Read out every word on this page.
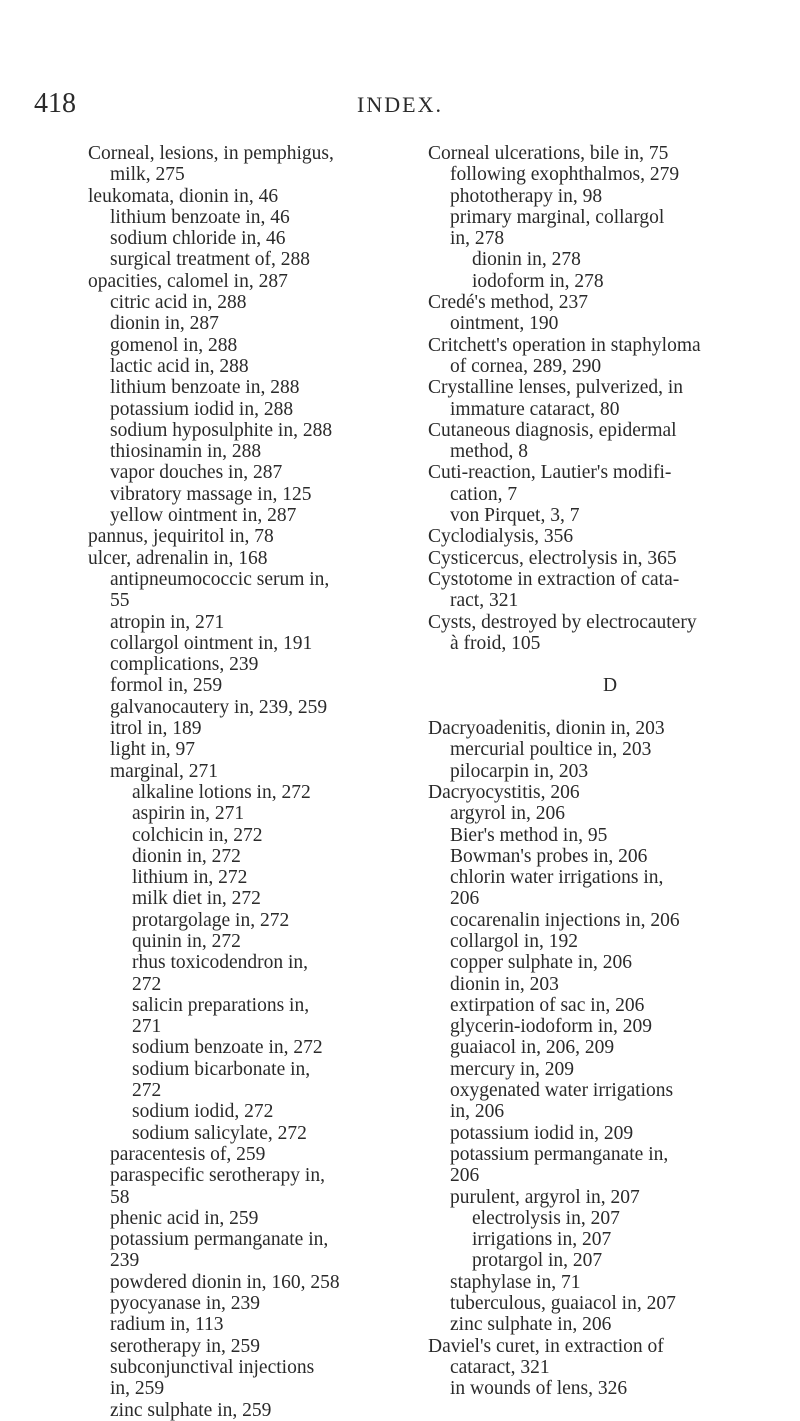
418	INDEX.
Corneal, lesions, in pemphigus,
milk, 275
leukomata, dionin in, 46
lithium benzoate in, 46
sodium chloride in, 46
surgical treatment of, 288
opacities, calomel in, 287
citric acid in, 288
dionin in, 287
gomenol in, 288
lactic acid in, 288
lithium benzoate in, 288
potassium iodid in, 288
sodium hyposulphite in, 288
thiosinamin in, 288
vapor douches in, 287
vibratory massage in, 125
yellow ointment in, 287
pannus, jequiritol in, 78
ulcer, adrenalin in, 168
antipneumococcic serum in,
55
atropin in, 271
collargol ointment in, 191
complications, 239
formol in, 259
galvanocautery in, 239, 259
itrol in, 189
light in, 97
marginal, 271
alkaline lotions in, 272
aspirin in, 271
colchicin in, 272
dionin in, 272
lithium in, 272
milk diet in, 272
protargolage in, 272
quinin in, 272
rhus toxicodendron in,
272
salicin preparations in,
271
sodium benzoate in, 272
sodium bicarbonate in,
272
sodium iodid, 272
sodium salicylate, 272
paracentesis of, 259
paraspecific serotherapy in,
58
phenic acid in, 259
potassium permanganate in,
239
powdered dionin in, 160, 258
pyocyanase in, 239
radium in, 113
serotherapy in, 259
subconjunctival injections
in, 259
zinc sulphate in, 259
Corneal ulcerations, bile in, 75
following exophthalmos, 279
phototherapy in, 98
primary marginal, collargol
in, 278
dionin in, 278
iodoform in, 278
Credé's method, 237
ointment, 190
Critchett's operation in staphyloma
of cornea, 289, 290
Crystalline lenses, pulverized, in
immature cataract, 80
Cutaneous diagnosis, epidermal
method, 8
Cuti-reaction, Lautier's modifi-
cation, 7
von Pirquet, 3, 7
Cyclodialysis, 356
Cysticercus, electrolysis in, 365
Cystotome in extraction of cata-
ract, 321
Cysts, destroyed by electrocautery
à froid, 105
D
Dacryoadenitis, dionin in, 203
mercurial poultice in, 203
pilocarpin in, 203
Dacryocystitis, 206
argyrol in, 206
Bier's method in, 95
Bowman's probes in, 206
chlorin water irrigations in,
206
cocarenalin injections in, 206
collargol in, 192
copper sulphate in, 206
dionin in, 203
extirpation of sac in, 206
glycerin-iodoform in, 209
guaiacol in, 206, 209
mercury in, 209
oxygenated water irrigations
in, 206
potassium iodid in, 209
potassium permanganate in,
206
purulent, argyrol in, 207
electrolysis in, 207
irrigations in, 207
protargol in, 207
staphylase in, 71
tuberculous, guaiacol in, 207
zinc sulphate in, 206
Daviel's curet, in extraction of
cataract, 321
in wounds of lens, 326
